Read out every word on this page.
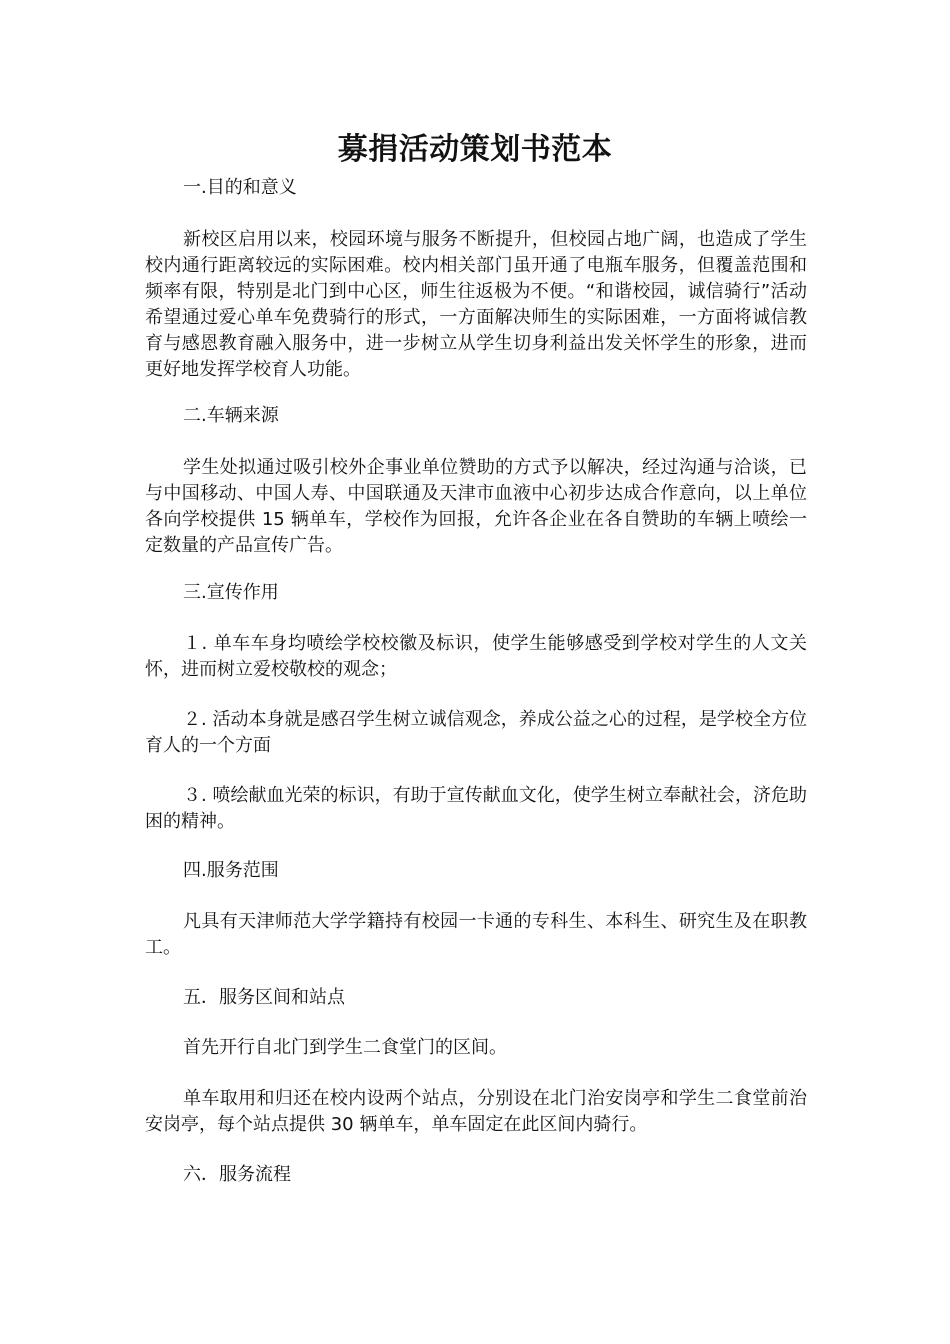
募捐活动策划书范本
一.目的和意义
新校区启用以来，校园环境与服务不断提升，但校园占地广阔，也造成了学生校内通行距离较远的实际困难。校内相关部门虽开通了电瓶车服务，但覆盖范围和频率有限，特别是北门到中心区，师生往返极为不便。“和谐校园，诚信骑行”活动希望通过爱心单车免费骑行的形式，一方面解决师生的实际困难，一方面将诚信教育与感恩教育融入服务中，进一步树立从学生切身利益出发关怀学生的形象，进而更好地发挥学校育人功能。
二.车辆来源
学生处拟通过吸引校外企事业单位赞助的方式予以解决，经过沟通与洽谈，已与中国移动、中国人寿、中国联通及天津市血液中心初步达成合作意向，以上单位各向学校提供 15 辆单车，学校作为回报，允许各企业在各自赞助的车辆上喷绘一定数量的产品宣传广告。
三.宣传作用
１. 单车车身均喷绘学校校徽及标识，使学生能够感受到学校对学生的人文关怀，进而树立爱校敬校的观念；
２. 活动本身就是感召学生树立诚信观念，养成公益之心的过程，是学校全方位育人的一个方面
３. 喷绘献血光荣的标识，有助于宣传献血文化，使学生树立奉献社会，济危助困的精神。
四.服务范围
凡具有天津师范大学学籍持有校园一卡通的专科生、本科生、研究生及在职教工。
五．服务区间和站点
首先开行自北门到学生二食堂门的区间。
单车取用和归还在校内设两个站点，分别设在北门治安岗亭和学生二食堂前治安岗亭，每个站点提供 30 辆单车，单车固定在此区间内骑行。
六．服务流程
